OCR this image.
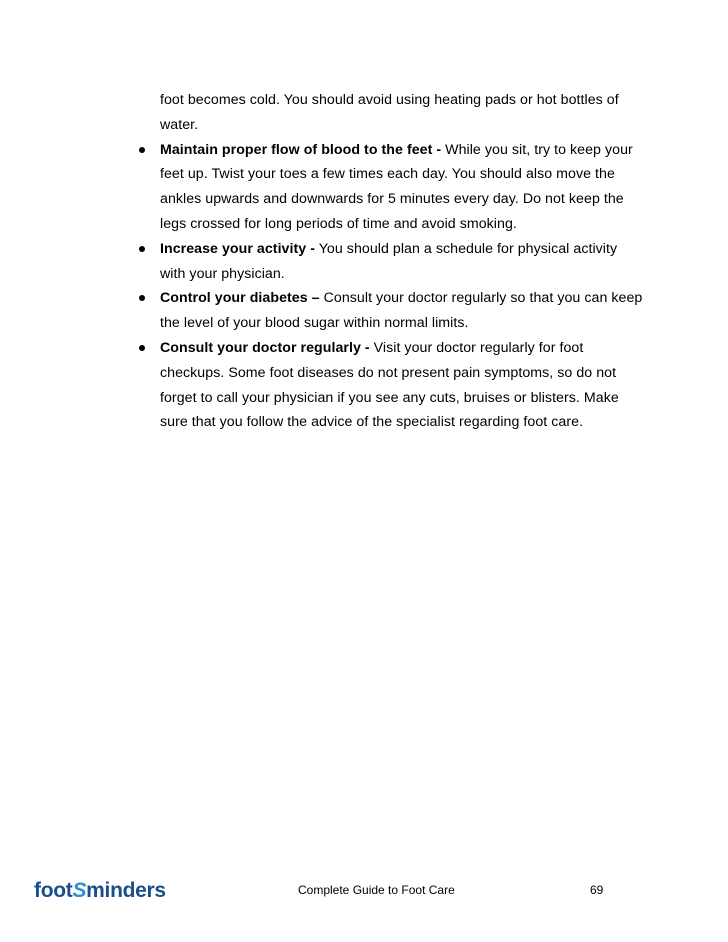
foot becomes cold. You should avoid using heating pads or hot bottles of
water.

Maintain proper flow of blood to the feet - While you sit, try to keep your
feet up. Twist your toes a few times each day. You should also move the
ankles upwards and downwards for 5 minutes every day. Do not keep the
legs crossed for long periods of time and avoid smoking.
Increase your activity - You should plan a schedule for physical activity
with your physician.
Control your diabetes – Consult your doctor regularly so that you can keep
the level of your blood sugar within normal limits.
Consult your doctor regularly - Visit your doctor regularly for foot
checkups. Some foot diseases do not present pain symptoms, so do not
forget to call your physician if you see any cuts, bruises or blisters. Make
sure that you follow the advice of the specialist regarding foot care.
footSminders	Complete Guide to Foot Care	69
